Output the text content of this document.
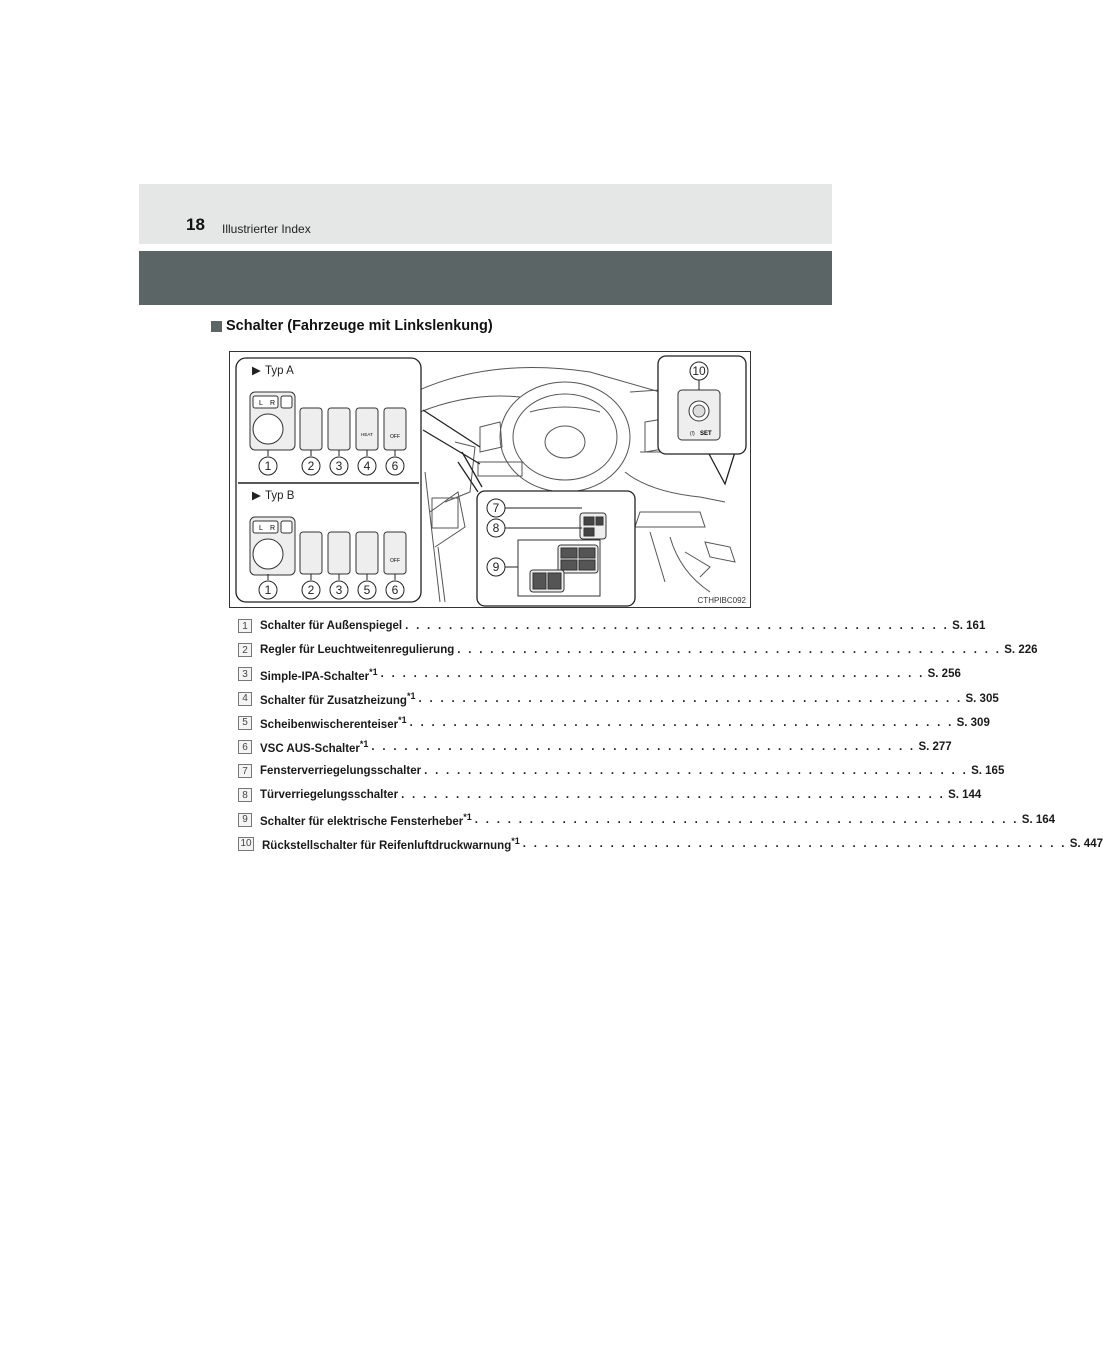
18 Illustrierter Index
Schalter (Fahrzeuge mit Linkslenkung)
▶ Typ A
▶ Typ B
L R
HEAT	OFF
1	2 3 4 6
L R
OFF
1	2 3 5 6
7
8
9
(!) SET
10
CTHPIBC092
1	Schalter für Außenspiegel . . . . . . . . . . . . . . . . . . . . . . . . . . . . . . . . . . . . . . . . . . . . . . . . . . S. 161
2	Regler für Leuchtweitenregulierung . . . . . . . . . . . . . . . . . . . . . . . . . . . . . . . . . . . . . . . . . . . . . . . . . . S. 226
3	Simple-IPA-Schalter$^{*1}$ . . . . . . . . . . . . . . . . . . . . . . . . . . . . . . . . . . . . . . . . . . . . . . . . . . S. 256
4	Schalter für Zusatzheizung$^{*1}$ . . . . . . . . . . . . . . . . . . . . . . . . . . . . . . . . . . . . . . . . . . . . . . . . . . S. 305
5	Scheibenwischerenteiser$^{*1}$ . . . . . . . . . . . . . . . . . . . . . . . . . . . . . . . . . . . . . . . . . . . . . . . . . . S. 309
6	VSC AUS-Schalter$^{*1}$ . . . . . . . . . . . . . . . . . . . . . . . . . . . . . . . . . . . . . . . . . . . . . . . . . . S. 277
7	Fensterverriegelungsschalter . . . . . . . . . . . . . . . . . . . . . . . . . . . . . . . . . . . . . . . . . . . . . . . . . . S. 165
8	Türverriegelungsschalter . . . . . . . . . . . . . . . . . . . . . . . . . . . . . . . . . . . . . . . . . . . . . . . . . . S. 144
9	Schalter für elektrische Fensterheber$^{*1}$ . . . . . . . . . . . . . . . . . . . . . . . . . . . . . . . . . . . . . . . . . . . . . . . . . . S. 164
10 Rückstellschalter für Reifenluftdruckwarnung$^{*1}$ . . . . . . . . . . . . . . . . . . . . . . . . . . . . . . . . . . . . . . . . . . . . . . . . . . S. 447
